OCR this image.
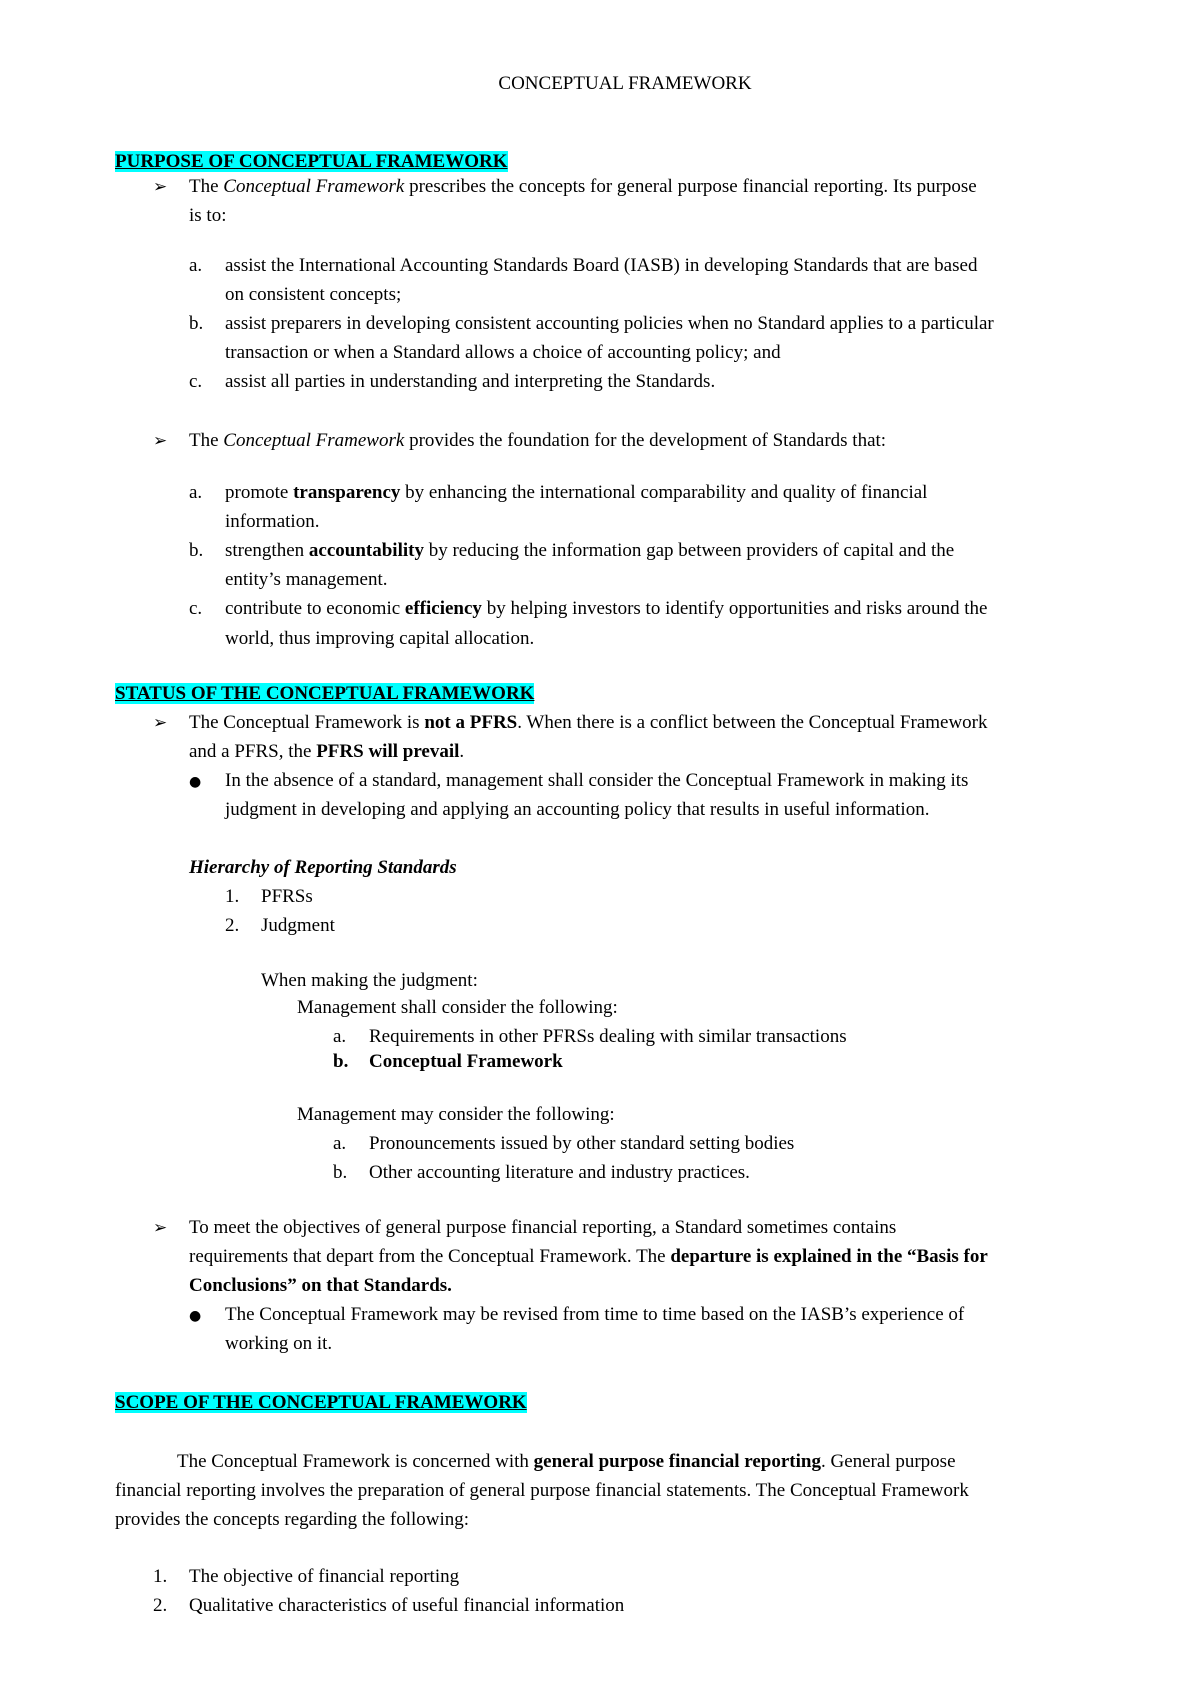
CONCEPTUAL FRAMEWORK
PURPOSE OF CONCEPTUAL FRAMEWORK
➢ The Conceptual Framework prescribes the concepts for general purpose financial reporting. Its purpose
is to:
a. assist the International Accounting Standards Board (IASB) in developing Standards that are based
on consistent concepts;
b. assist preparers in developing consistent accounting policies when no Standard applies to a particular
transaction or when a Standard allows a choice of accounting policy; and
c. assist all parties in understanding and interpreting the Standards.
➢ The Conceptual Framework provides the foundation for the development of Standards that:
a. promote transparency by enhancing the international comparability and quality of financial
information.
b. strengthen accountability by reducing the information gap between providers of capital and the
entity’s management.
c. contribute to economic efficiency by helping investors to identify opportunities and risks around the
world, thus improving capital allocation.
STATUS OF THE CONCEPTUAL FRAMEWORK
➢ The Conceptual Framework is not a PFRS. When there is a conflict between the Conceptual Framework
and a PFRS, the PFRS will prevail.
● In the absence of a standard, management shall consider the Conceptual Framework in making its
judgment in developing and applying an accounting policy that results in useful information.
Hierarchy of Reporting Standards
1. PFRSs
2. Judgment
When making the judgment:
Management shall consider the following:
a. Requirements in other PFRSs dealing with similar transactions
b. Conceptual Framework
Management may consider the following:
a. Pronouncements issued by other standard setting bodies
b. Other accounting literature and industry practices.
➢ To meet the objectives of general purpose financial reporting, a Standard sometimes contains
requirements that depart from the Conceptual Framework. The departure is explained in the “Basis for
Conclusions” on that Standards.
● The Conceptual Framework may be revised from time to time based on the IASB’s experience of
working on it.
SCOPE OF THE CONCEPTUAL FRAMEWORK
The Conceptual Framework is concerned with general purpose financial reporting. General purpose
financial reporting involves the preparation of general purpose financial statements. The Conceptual Framework
provides the concepts regarding the following:
1. The objective of financial reporting
2. Qualitative characteristics of useful financial information
